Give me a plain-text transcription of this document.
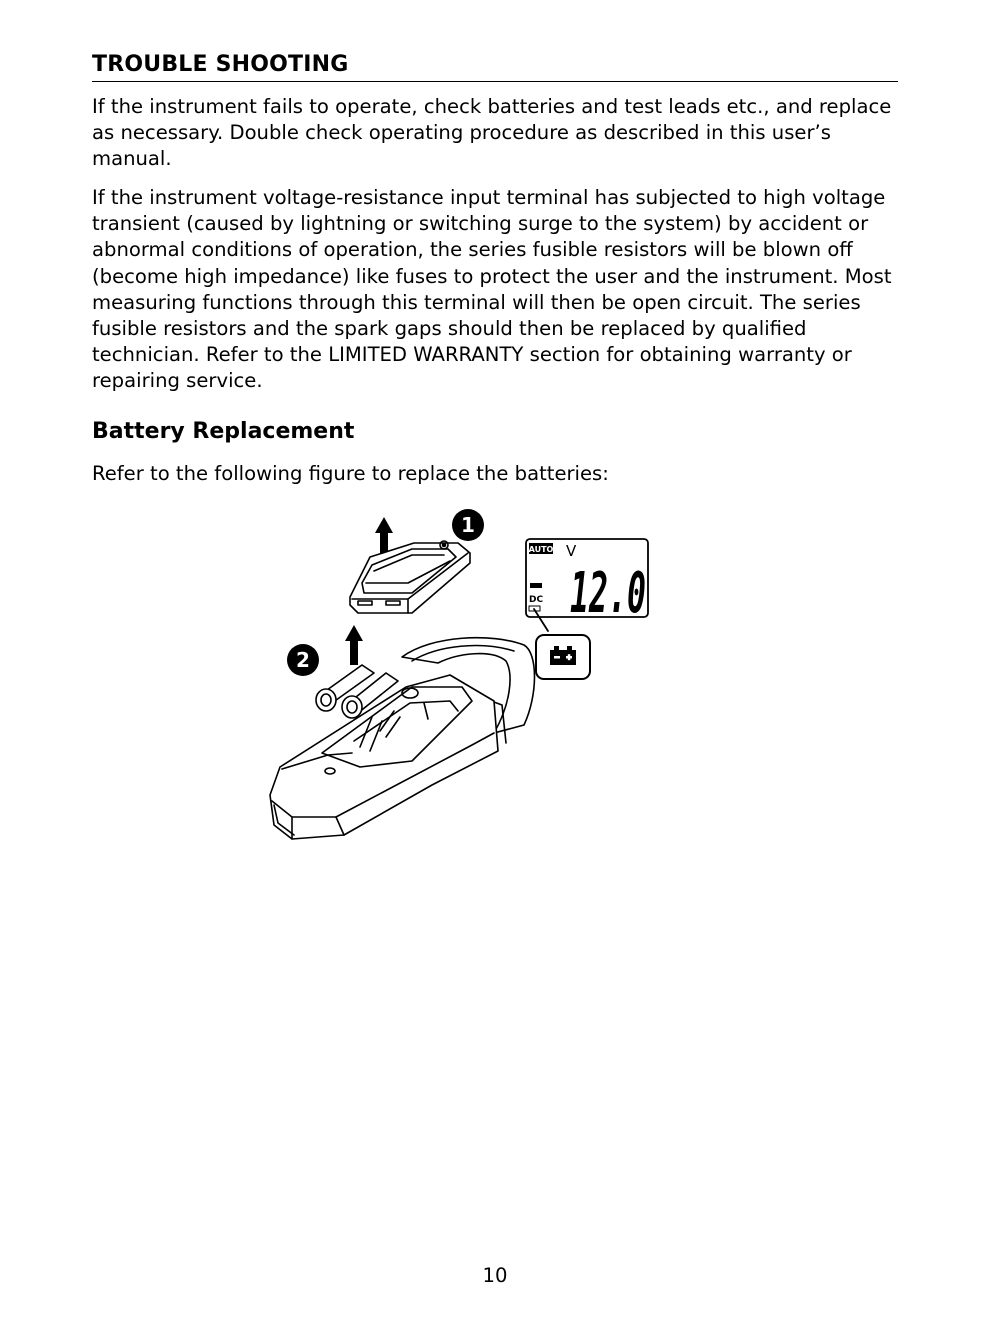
TROUBLE SHOOTING

If the instrument fails to operate, check batteries and test leads etc., and replace as necessary. Double check operating procedure as described in this user’s manual.

If the instrument voltage-resistance input terminal has subjected to high voltage transient (caused by lightning or switching surge to the system) by accident or abnormal conditions of operation, the series fusible resistors will be blown off (become high impedance) like fuses to protect the user and the instrument. Most measuring functions through this terminal will then be open circuit. The series fusible resistors and the spark gaps should then be replaced by qualified technician. Refer to the LIMITED WARRANTY section for obtaining warranty or repairing service.

Battery Replacement

Refer to the following figure to replace the batteries:

1
2
AUTO V
DC 12.0
10
